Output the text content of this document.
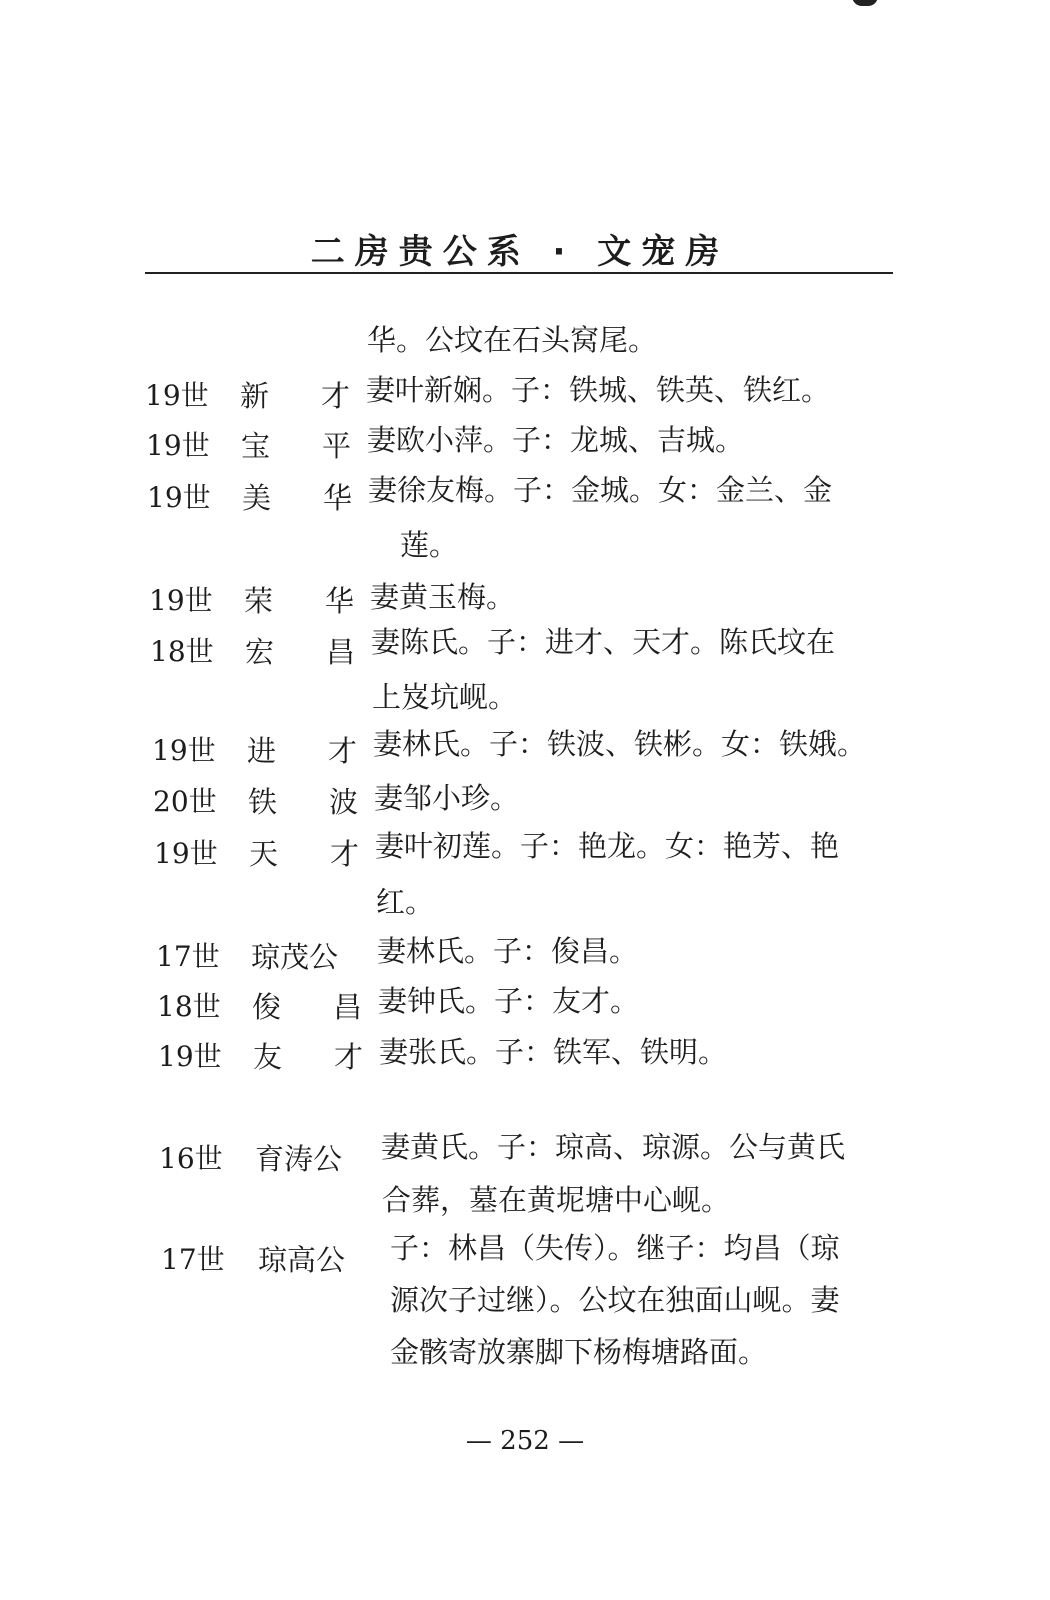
二房贵公系 · 文宠房
华。公坟在石头窝尾。
19世 新才 妻叶新娴。子：铁城、铁英、铁红。
19世 宝平 妻欧小萍。子：龙城、吉城。
19世 美华 妻徐友梅。子：金城。女：金兰、金
莲。
19世 荣华 妻黄玉梅。
18世 宏昌 妻陈氏。子：进才、天才。陈氏坟在
上岌坑岘。
19世 进才 妻林氏。子：铁波、铁彬。女：铁娥。
20世 铁波 妻邹小珍。
19世 天才 妻叶初莲。子：艳龙。女：艳芳、艳
红。
17世 琼茂公	妻林氏。子：俊昌。
18世 俊昌 妻钟氏。子：友才。
19世 友才 妻张氏。子：铁军、铁明。
16世 育涛公	妻黄氏。子：琼高、琼源。公与黄氏
合葬，墓在黄坭塘中心岘。
17世 琼高公	子：林昌（失传）。继子：均昌（琼
源次子过继）。公坟在独面山岘。妻
金骸寄放寨脚下杨梅塘路面。
— 252 —
